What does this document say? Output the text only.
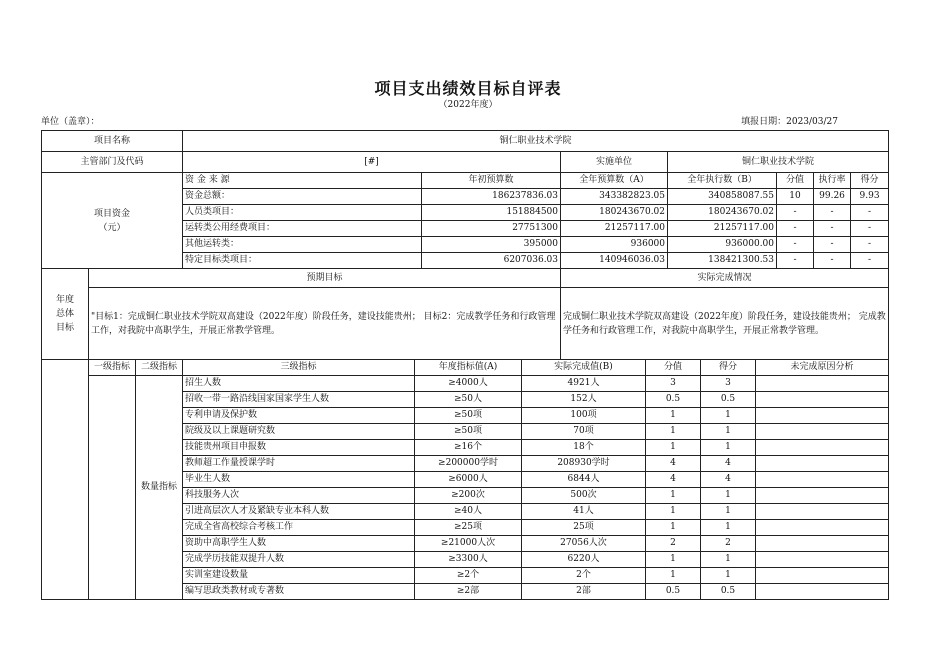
项目支出绩效目标自评表
（2022年度）
单位（盖章）：	填报日期：2023/03/27
项目名称		铜仁职业技术学院						
主管部门及代码		[#]		实施单位	铜仁职业技术学院			
项目资金
（元）		资 金 来 源	年初预算数	全年预算数（A）	全年执行数（B）	分值	执行率	得分
		资金总额：	186237836.03	343382823.05	340858087.55	10	99.26	9.93
		人员类项目：	151884500	180243670.02	180243670.02	-	-	-
		运转类公用经费项目：	27751300	21257117.00	21257117.00	-	-	-
		其他运转类：	395000	936000	936000.00	-	-	-
		特定目标类项目：	6207036.03	140946036.03	138421300.53	-	-	-
年度
总体
目标	预期目标			实际完成情况				
	"目标1：完成铜仁职业技术学院双高建设（2022年度）阶段任务，建设技能贵州； 目标2：完成教学任务和行政管理工作，对我院中高职学生，开展正常教学管理。			完成铜仁职业技术学院双高建设（2022年度）阶段任务，建设技能贵州； 完成教学任务和行政管理工作，对我院中高职学生，开展正常教学管理。				
	一级指标	二级指标	三级指标	年度指标值(A)	实际完成值(B)	分值	得分	未完成原因分析
		数量指标	招生人数	≥4000人	4921人	3	3	
			招收一带一路沿线国家国家学生人数	≥50人	152人	0.5	0.5	
			专利申请及保护数	≥50项	100项	1	1	
			院级及以上课题研究数	≥50项	70项	1	1	
			技能贵州项目申报数	≥16个	18个	1	1	
			教师超工作量授课学时	≥200000学时	208930学时	4	4	
			毕业生人数	≥6000人	6844人	4	4	
			科技服务人次	≥200次	500次	1	1	
			引进高层次人才及紧缺专业本科人数	≥40人	41人	1	1	
			完成全省高校综合考核工作	≥25项	25项	1	1	
			资助中高职学生人数	≥21000人次	27056人次	2	2	
			完成学历技能双提升人数	≥3300人	6220人	1	1	
			实训室建设数量	≥2个	2个	1	1	
			编写思政类教材或专著数	≥2部	2部	0.5	0.5	
